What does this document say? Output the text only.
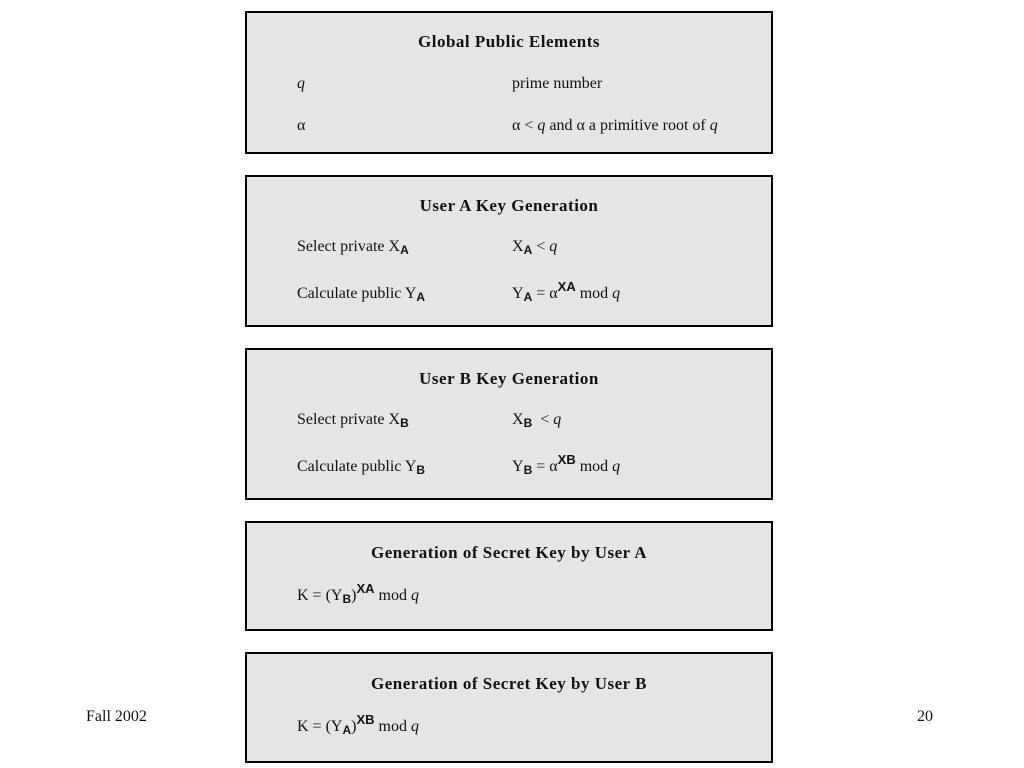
Global Public Elements
q	prime number
α	α < q and α a primitive root of q
User A Key Generation
Select private XA	XA < q
Calculate public YA	YA = $\alpha^{XA}$ mod q
User B Key Generation
Select private XB	XB  < q
Calculate public YB	YB = $\alpha^{XB}$ mod q
Generation of Secret Key by User A
K = (YB)$^{XA}$ mod q
Generation of Secret Key by User B
K = (YA)$^{XB}$ mod q
Fall 2002	20
